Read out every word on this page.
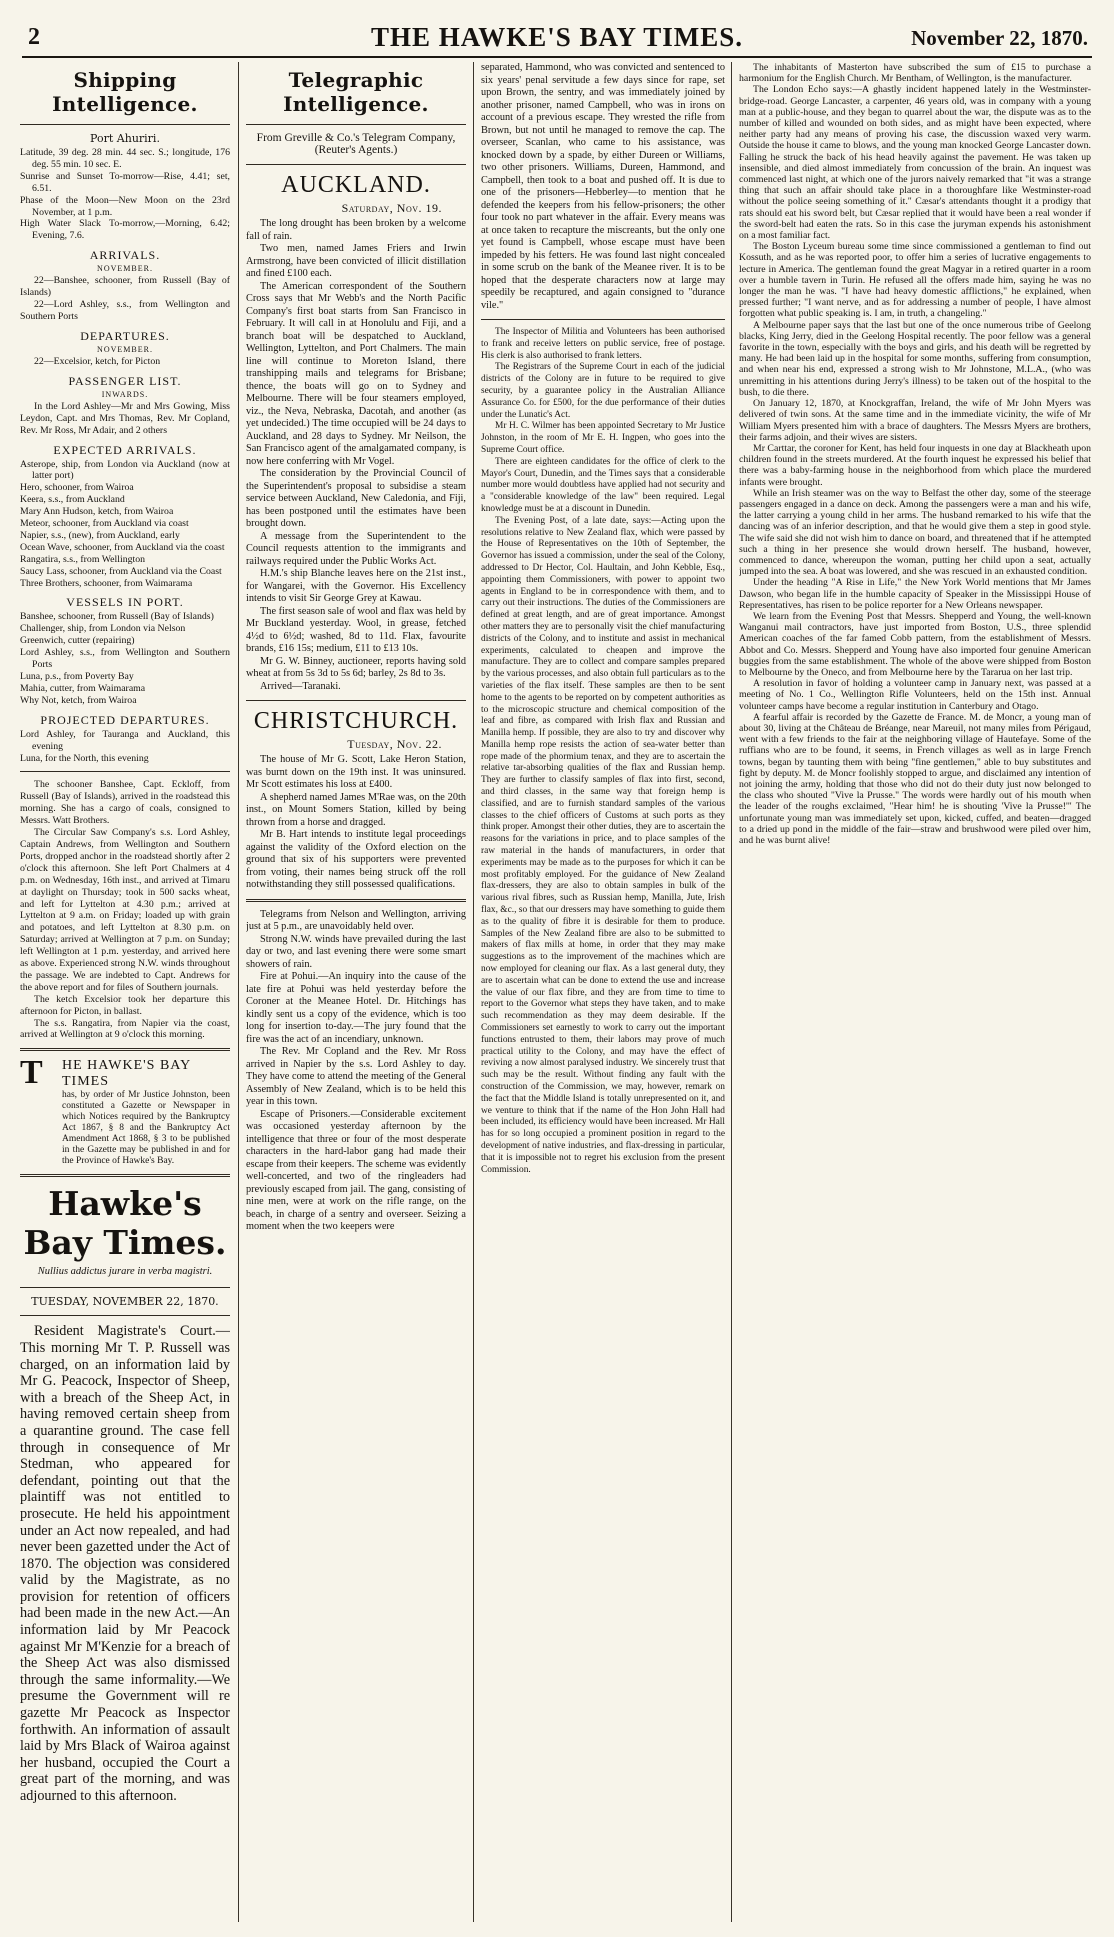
2	THE HAWKE'S BAY TIMES.	November 22, 1870.
Shipping Intelligence.
Port Ahuriri.

Latitude, 39 deg. 28 min. 44 sec. S.; longitude, 176 deg. 55 min. 10 sec. E.

Sunrise and Sunset To-morrow—Rise, 4.41; set, 6.51.

Phase of the Moon—New Moon on the 23rd November, at 1 p.m.

High Water Slack To-morrow,—Morning, 6.42; Evening, 7.6.

ARRIVALS.
NOVEMBER.

22—Banshee, schooner, from Russell (Bay of Islands)

22—Lord Ashley, s.s., from Wellington and Southern Ports

DEPARTURES.
NOVEMBER.

22—Excelsior, ketch, for Picton

PASSENGER LIST.
INWARDS.

In the Lord Ashley—Mr and Mrs Gowing, Miss Leydon, Capt. and Mrs Thomas, Rev. Mr Copland, Rev. Mr Ross, Mr Adair, and 2 others

EXPECTED ARRIVALS.

Asterope, ship, from London via Auckland (now at latter port)

Hero, schooner, from Wairoa

Keera, s.s., from Auckland

Mary Ann Hudson, ketch, from Wairoa

Meteor, schooner, from Auckland via coast

Napier, s.s., (new), from Auckland, early

Ocean Wave, schooner, from Auckland via the coast

Rangatira, s.s., from Wellington

Saucy Lass, schooner, from Auckland via the Coast

Three Brothers, schooner, from Waimarama

VESSELS IN PORT.

Banshee, schooner, from Russell (Bay of Islands)

Challenger, ship, from London via Nelson

Greenwich, cutter (repairing)

Lord Ashley, s.s., from Wellington and Southern Ports

Luna, p.s., from Poverty Bay

Mahia, cutter, from Waimarama

Why Not, ketch, from Wairoa

PROJECTED DEPARTURES.

Lord Ashley, for Tauranga and Auckland, this evening

Luna, for the North, this evening

The schooner Banshee, Capt. Eckloff, from Russell (Bay of Islands), arrived in the roadstead this morning. She has a cargo of coals, consigned to Messrs. Watt Brothers.

The Circular Saw Company's s.s. Lord Ashley, Captain Andrews, from Wellington and Southern Ports, dropped anchor in the roadstead shortly after 2 o'clock this afternoon. She left Port Chalmers at 4 p.m. on Wednesday, 16th inst., and arrived at Timaru at daylight on Thursday; took in 500 sacks wheat, and left for Lyttelton at 4.30 p.m.; arrived at Lyttelton at 9 a.m. on Friday; loaded up with grain and potatoes, and left Lyttelton at 8.30 p.m. on Saturday; arrived at Wellington at 7 p.m. on Sunday; left Wellington at 1 p.m. yesterday, and arrived here as above. Experienced strong N.W. winds throughout the passage. We are indebted to Capt. Andrews for the above report and for files of Southern journals.

The ketch Excelsior took her departure this afternoon for Picton, in ballast.

The s.s. Rangatira, from Napier via the coast, arrived at Wellington at 9 o'clock this morning.

T HE HAWKE'S BAY TIMES
has, by order of Mr Justice Johnston, been constituted a Gazette or Newspaper in which Notices required by the Bankruptcy Act 1867, § 8 and the Bankruptcy Act Amendment Act 1868, § 3 to be published in the Gazette may be published in and for the Province of Hawke's Bay.
Hawke's Bay Times.
Nullius addictus jurare in verba magistri.
TUESDAY, NOVEMBER 22, 1870.

Resident Magistrate's Court.—This morning Mr T. P. Russell was charged, on an information laid by Mr G. Peacock, Inspector of Sheep, with a breach of the Sheep Act, in having removed certain sheep from a quarantine ground. The case fell through in consequence of Mr Stedman, who appeared for defendant, pointing out that the plaintiff was not entitled to prosecute. He held his appointment under an Act now repealed, and had never been gazetted under the Act of 1870. The objection was considered valid by the Magistrate, as no provision for retention of officers had been made in the new Act.—An information laid by Mr Peacock against Mr M'Kenzie for a breach of the Sheep Act was also dismissed through the same informality.—We presume the Government will re gazette Mr Peacock as Inspector forthwith. An information of assault laid by Mrs Black of Wairoa against her husband, occupied the Court a great part of the morning, and was adjourned to this afternoon.

Telegraphic Intelligence.
From Greville & Co.'s Telegram Company, (Reuter's Agents.)
AUCKLAND.
Saturday, Nov. 19.

The long drought has been broken by a welcome fall of rain.

Two men, named James Friers and Irwin Armstrong, have been convicted of illicit distillation and fined £100 each.

The American correspondent of the Southern Cross says that Mr Webb's and the North Pacific Company's first boat starts from San Francisco in February. It will call in at Honolulu and Fiji, and a branch boat will be despatched to Auckland, Wellington, Lyttelton, and Port Chalmers. The main line will continue to Moreton Island, there transhipping mails and telegrams for Brisbane; thence, the boats will go on to Sydney and Melbourne. There will be four steamers employed, viz., the Neva, Nebraska, Dacotah, and another (as yet undecided.) The time occupied will be 24 days to Auckland, and 28 days to Sydney. Mr Neilson, the San Francisco agent of the amalgamated company, is now here conferring with Mr Vogel.

The consideration by the Provincial Council of the Superintendent's proposal to subsidise a steam service between Auckland, New Caledonia, and Fiji, has been postponed until the estimates have been brought down.

A message from the Superintendent to the Council requests attention to the immigrants and railways required under the Public Works Act.

H.M.'s ship Blanche leaves here on the 21st inst., for Wangarei, with the Governor. His Excellency intends to visit Sir George Grey at Kawau.

The first season sale of wool and flax was held by Mr Buckland yesterday. Wool, in grease, fetched 4½d to 6½d; washed, 8d to 11d. Flax, favourite brands, £16 15s; medium, £11 to £13 10s.

Mr G. W. Binney, auctioneer, reports having sold wheat at from 5s 3d to 5s 6d; barley, 2s 8d to 3s.

Arrived—Taranaki.

CHRISTCHURCH.
Tuesday, Nov. 22.

The house of Mr G. Scott, Lake Heron Station, was burnt down on the 19th inst. It was uninsured. Mr Scott estimates his loss at £400.

A shepherd named James M'Rae was, on the 20th inst., on Mount Somers Station, killed by being thrown from a horse and dragged.

Mr B. Hart intends to institute legal proceedings against the validity of the Oxford election on the ground that six of his supporters were prevented from voting, their names being struck off the roll notwithstanding they still possessed qualifications.

Telegrams from Nelson and Wellington, arriving just at 5 p.m., are unavoidably held over.

Strong N.W. winds have prevailed during the last day or two, and last evening there were some smart showers of rain.

Fire at Pohui.—An inquiry into the cause of the late fire at Pohui was held yesterday before the Coroner at the Meanee Hotel. Dr. Hitchings has kindly sent us a copy of the evidence, which is too long for insertion to-day.—The jury found that the fire was the act of an incendiary, unknown.

The Rev. Mr Copland and the Rev. Mr Ross arrived in Napier by the s.s. Lord Ashley to day. They have come to attend the meeting of the General Assembly of New Zealand, which is to be held this year in this town.

Escape of Prisoners.—Considerable excitement was occasioned yesterday afternoon by the intelligence that three or four of the most desperate characters in the hard-labor gang had made their escape from their keepers. The scheme was evidently well-concerted, and two of the ringleaders had previously escaped from jail. The gang, consisting of nine men, were at work on the rifle range, on the beach, in charge of a sentry and overseer. Seizing a moment when the two keepers were

separated, Hammond, who was convicted and sentenced to six years' penal servitude a few days since for rape, set upon Brown, the sentry, and was immediately joined by another prisoner, named Campbell, who was in irons on account of a previous escape. They wrested the rifle from Brown, but not until he managed to remove the cap. The overseer, Scanlan, who came to his assistance, was knocked down by a spade, by either Dureen or Williams, two other prisoners. Williams, Dureen, Hammond, and Campbell, then took to a boat and pushed off. It is due to one of the prisoners—Hebberley—to mention that he defended the keepers from his fellow-prisoners; the other four took no part whatever in the affair. Every means was at once taken to recapture the miscreants, but the only one yet found is Campbell, whose escape must have been impeded by his fetters. He was found last night concealed in some scrub on the bank of the Meanee river. It is to be hoped that the desperate characters now at large may speedily be recaptured, and again consigned to "durance vile."

The Inspector of Militia and Volunteers has been authorised to frank and receive letters on public service, free of postage. His clerk is also authorised to frank letters.

The Registrars of the Supreme Court in each of the judicial districts of the Colony are in future to be required to give security, by a guarantee policy in the Australian Alliance Assurance Co. for £500, for the due performance of their duties under the Lunatic's Act.

Mr H. C. Wilmer has been appointed Secretary to Mr Justice Johnston, in the room of Mr E. H. Ingpen, who goes into the Supreme Court office.

There are eighteen candidates for the office of clerk to the Mayor's Court, Dunedin, and the Times says that a considerable number more would doubtless have applied had not security and a "considerable knowledge of the law" been required. Legal knowledge must be at a discount in Dunedin.

The Evening Post, of a late date, says:—Acting upon the resolutions relative to New Zealand flax, which were passed by the House of Representatives on the 10th of September, the Governor has issued a commission, under the seal of the Colony, addressed to Dr Hector, Col. Haultain, and John Kebble, Esq., appointing them Commissioners, with power to appoint two agents in England to be in correspondence with them, and to carry out their instructions. The duties of the Commissioners are defined at great length, and are of great importance. Amongst other matters they are to personally visit the chief manufacturing districts of the Colony, and to institute and assist in mechanical experiments, calculated to cheapen and improve the manufacture. They are to collect and compare samples prepared by the various processes, and also obtain full particulars as to the varieties of the flax itself. These samples are then to be sent home to the agents to be reported on by competent authorities as to the microscopic structure and chemical composition of the leaf and fibre, as compared with Irish flax and Russian and Manilla hemp. If possible, they are also to try and discover why Manilla hemp rope resists the action of sea-water better than rope made of the phormium tenax, and they are to ascertain the relative tar-absorbing qualities of the flax and Russian hemp. They are further to classify samples of flax into first, second, and third classes, in the same way that foreign hemp is classified, and are to furnish standard samples of the various classes to the chief officers of Customs at such ports as they think proper. Amongst their other duties, they are to ascertain the reasons for the variations in price, and to place samples of the raw material in the hands of manufacturers, in order that experiments may be made as to the purposes for which it can be most profitably employed. For the guidance of New Zealand flax-dressers, they are also to obtain samples in bulk of the various rival fibres, such as Russian hemp, Manilla, Jute, Irish flax, &c., so that our dressers may have something to guide them as to the quality of fibre it is desirable for them to produce. Samples of the New Zealand fibre are also to be submitted to makers of flax mills at home, in order that they may make suggestions as to the improvement of the machines which are now employed for cleaning our flax. As a last general duty, they are to ascertain what can be done to extend the use and increase the value of our flax fibre, and they are from time to time to report to the Governor what steps they have taken, and to make such recommendation as they may deem desirable. If the Commissioners set earnestly to work to carry out the important functions entrusted to them, their labors may prove of much practical utility to the Colony, and may have the effect of reviving a now almost paralysed industry. We sincerely trust that such may be the result. Without finding any fault with the construction of the Commission, we may, however, remark on the fact that the Middle Island is totally unrepresented on it, and we venture to think that if the name of the Hon John Hall had been included, its efficiency would have been increased. Mr Hall has for so long occupied a prominent position in regard to the development of native industries, and flax-dressing in particular, that it is impossible not to regret his exclusion from the present Commission.

The inhabitants of Masterton have subscribed the sum of £15 to purchase a harmonium for the English Church. Mr Bentham, of Wellington, is the manufacturer.

The London Echo says:—A ghastly incident happened lately in the Westminster-bridge-road. George Lancaster, a carpenter, 46 years old, was in company with a young man at a public-house, and they began to quarrel about the war, the dispute was as to the number of killed and wounded on both sides, and as might have been expected, where neither party had any means of proving his case, the discussion waxed very warm. Outside the house it came to blows, and the young man knocked George Lancaster down. Falling he struck the back of his head heavily against the pavement. He was taken up insensible, and died almost immediately from concussion of the brain. An inquest was commenced last night, at which one of the jurors naively remarked that "it was a strange thing that such an affair should take place in a thoroughfare like Westminster-road without the police seeing something of it." Cæsar's attendants thought it a prodigy that rats should eat his sword belt, but Cæsar replied that it would have been a real wonder if the sword-belt had eaten the rats. So in this case the juryman expends his astonishment on a most familiar fact.

The Boston Lyceum bureau some time since commissioned a gentleman to find out Kossuth, and as he was reported poor, to offer him a series of lucrative engagements to lecture in America. The gentleman found the great Magyar in a retired quarter in a room over a humble tavern in Turin. He refused all the offers made him, saying he was no longer the man he was. "I have had heavy domestic afflictions," he explained, when pressed further; "I want nerve, and as for addressing a number of people, I have almost forgotten what public speaking is. I am, in truth, a changeling."

A Melbourne paper says that the last but one of the once numerous tribe of Geelong blacks, King Jerry, died in the Geelong Hospital recently. The poor fellow was a general favorite in the town, especially with the boys and girls, and his death will be regretted by many. He had been laid up in the hospital for some months, suffering from consumption, and when near his end, expressed a strong wish to Mr Johnstone, M.L.A., (who was unremitting in his attentions during Jerry's illness) to be taken out of the hospital to the bush, to die there.

On January 12, 1870, at Knockgraffan, Ireland, the wife of Mr John Myers was delivered of twin sons. At the same time and in the immediate vicinity, the wife of Mr William Myers presented him with a brace of daughters. The Messrs Myers are brothers, their farms adjoin, and their wives are sisters.

Mr Carttar, the coroner for Kent, has held four inquests in one day at Blackheath upon children found in the streets murdered. At the fourth inquest he expressed his belief that there was a baby-farming house in the neighborhood from which place the murdered infants were brought.

While an Irish steamer was on the way to Belfast the other day, some of the steerage passengers engaged in a dance on deck. Among the passengers were a man and his wife, the latter carrying a young child in her arms. The husband remarked to his wife that the dancing was of an inferior description, and that he would give them a step in good style. The wife said she did not wish him to dance on board, and threatened that if he attempted such a thing in her presence she would drown herself. The husband, however, commenced to dance, whereupon the woman, putting her child upon a seat, actually jumped into the sea. A boat was lowered, and she was rescued in an exhausted condition.

Under the heading "A Rise in Life," the New York World mentions that Mr James Dawson, who began life in the humble capacity of Speaker in the Mississippi House of Representatives, has risen to be police reporter for a New Orleans newspaper.

We learn from the Evening Post that Messrs. Shepperd and Young, the well-known Wanganui mail contractors, have just imported from Boston, U.S., three splendid American coaches of the far famed Cobb pattern, from the establishment of Messrs. Abbot and Co. Messrs. Shepperd and Young have also imported four genuine American buggies from the same establishment. The whole of the above were shipped from Boston to Melbourne by the Oneco, and from Melbourne here by the Tararua on her last trip.

A resolution in favor of holding a volunteer camp in January next, was passed at a meeting of No. 1 Co., Wellington Rifle Volunteers, held on the 15th inst. Annual volunteer camps have become a regular institution in Canterbury and Otago.

A fearful affair is recorded by the Gazette de France. M. de Moncr, a young man of about 30, living at the Château de Bréange, near Mareuil, not many miles from Périgaud, went with a few friends to the fair at the neighboring village of Hautefaye. Some of the ruffians who are to be found, it seems, in French villages as well as in large French towns, began by taunting them with being "fine gentlemen," able to buy substitutes and fight by deputy. M. de Moncr foolishly stopped to argue, and disclaimed any intention of not joining the army, holding that those who did not do their duty just now belonged to the class who shouted "Vive la Prusse." The words were hardly out of his mouth when the leader of the roughs exclaimed, "Hear him! he is shouting 'Vive la Prusse!'" The unfortunate young man was immediately set upon, kicked, cuffed, and beaten—dragged to a dried up pond in the middle of the fair—straw and brushwood were piled over him, and he was burnt alive!
